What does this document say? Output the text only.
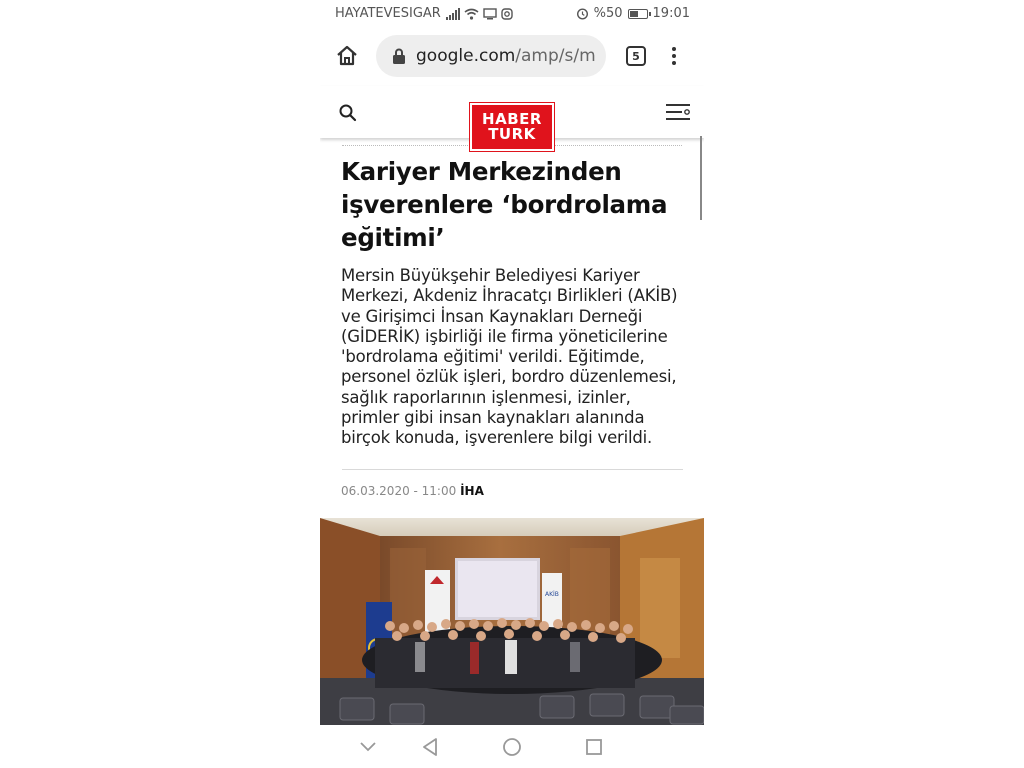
HAYATEVESIGAR	%50 19:01
google.com/amp/s/m	5
HABER
TURK
Kariyer Merkezinden işverenlere ‘bordrolama eğitimi’

Mersin Büyükşehir Belediyesi Kariyer Merkezi, Akdeniz İhracatçı Birlikleri (AKİB) ve Girişimci İnsan Kaynakları Derneği (GİDERİK) işbirliği ile firma yöneticilerine 'bordrolama eğitimi' verildi. Eğitimde, personel özlük işleri, bordro düzenlemesi, sağlık raporlarının işlenmesi, izinler, primler gibi insan kaynakları alanında birçok konuda, işverenlere bilgi verildi.

06.03.2020 - 11:00 İHA
AKİB
